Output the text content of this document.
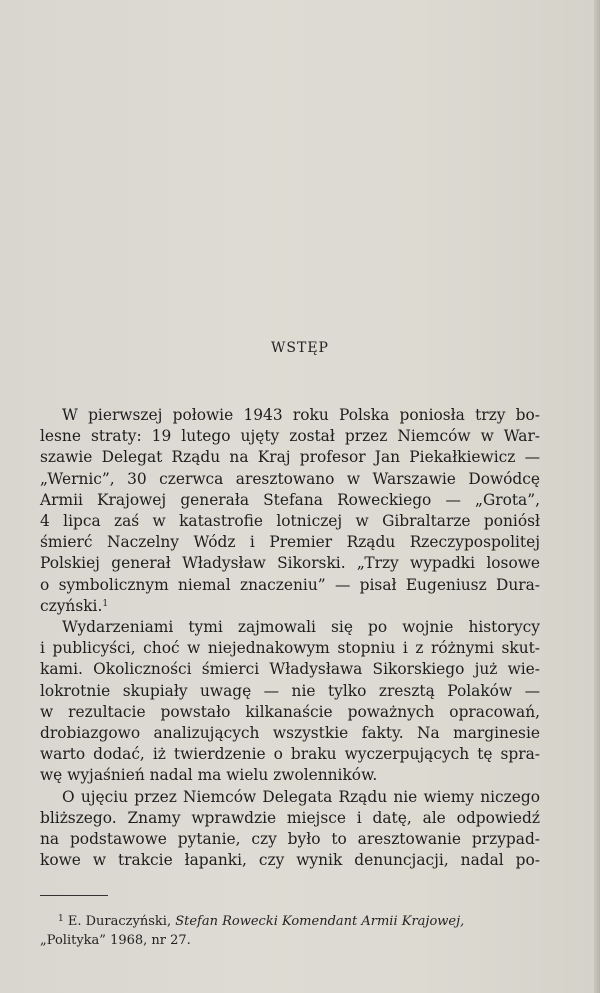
WSTĘP

W pierwszej połowie 1943 roku Polska poniosła trzy bo-
lesne straty: 19 lutego ujęty został przez Niemców w War-
szawie Delegat Rządu na Kraj profesor Jan Piekałkiewicz —
„Wernic”, 30 czerwca aresztowano w Warszawie Dowódcę
Armii Krajowej generała Stefana Roweckiego — „Grota”,
4 lipca zaś w katastrofie lotniczej w Gibraltarze poniósł
śmierć Naczelny Wódz i Premier Rządu Rzeczypospolitej
Polskiej generał Władysław Sikorski. „Trzy wypadki losowe
o symbolicznym niemal znaczeniu” — pisał Eugeniusz Dura-
czyński.$^1$

Wydarzeniami tymi zajmowali się po wojnie historycy
i publicyści, choć w niejednakowym stopniu i z różnymi skut-
kami. Okoliczności śmierci Władysława Sikorskiego już wie-
lokrotnie skupiały uwagę — nie tylko zresztą Polaków —
w rezultacie powstało kilkanaście poważnych opracowań,
drobiazgowo analizujących wszystkie fakty. Na marginesie
warto dodać, iż twierdzenie o braku wyczerpujących tę spra-
wę wyjaśnień nadal ma wielu zwolenników.

O ujęciu przez Niemców Delegata Rządu nie wiemy niczego
bliższego. Znamy wprawdzie miejsce i datę, ale odpowiedź
na podstawowe pytanie, czy było to aresztowanie przypad-
kowe w trakcie łapanki, czy wynik denuncjacji, nadal po-

$^1$ E. Duraczyński, Stefan Rowecki Komendant Armii Krajowej,
„Polityka” 1968, nr 27.
